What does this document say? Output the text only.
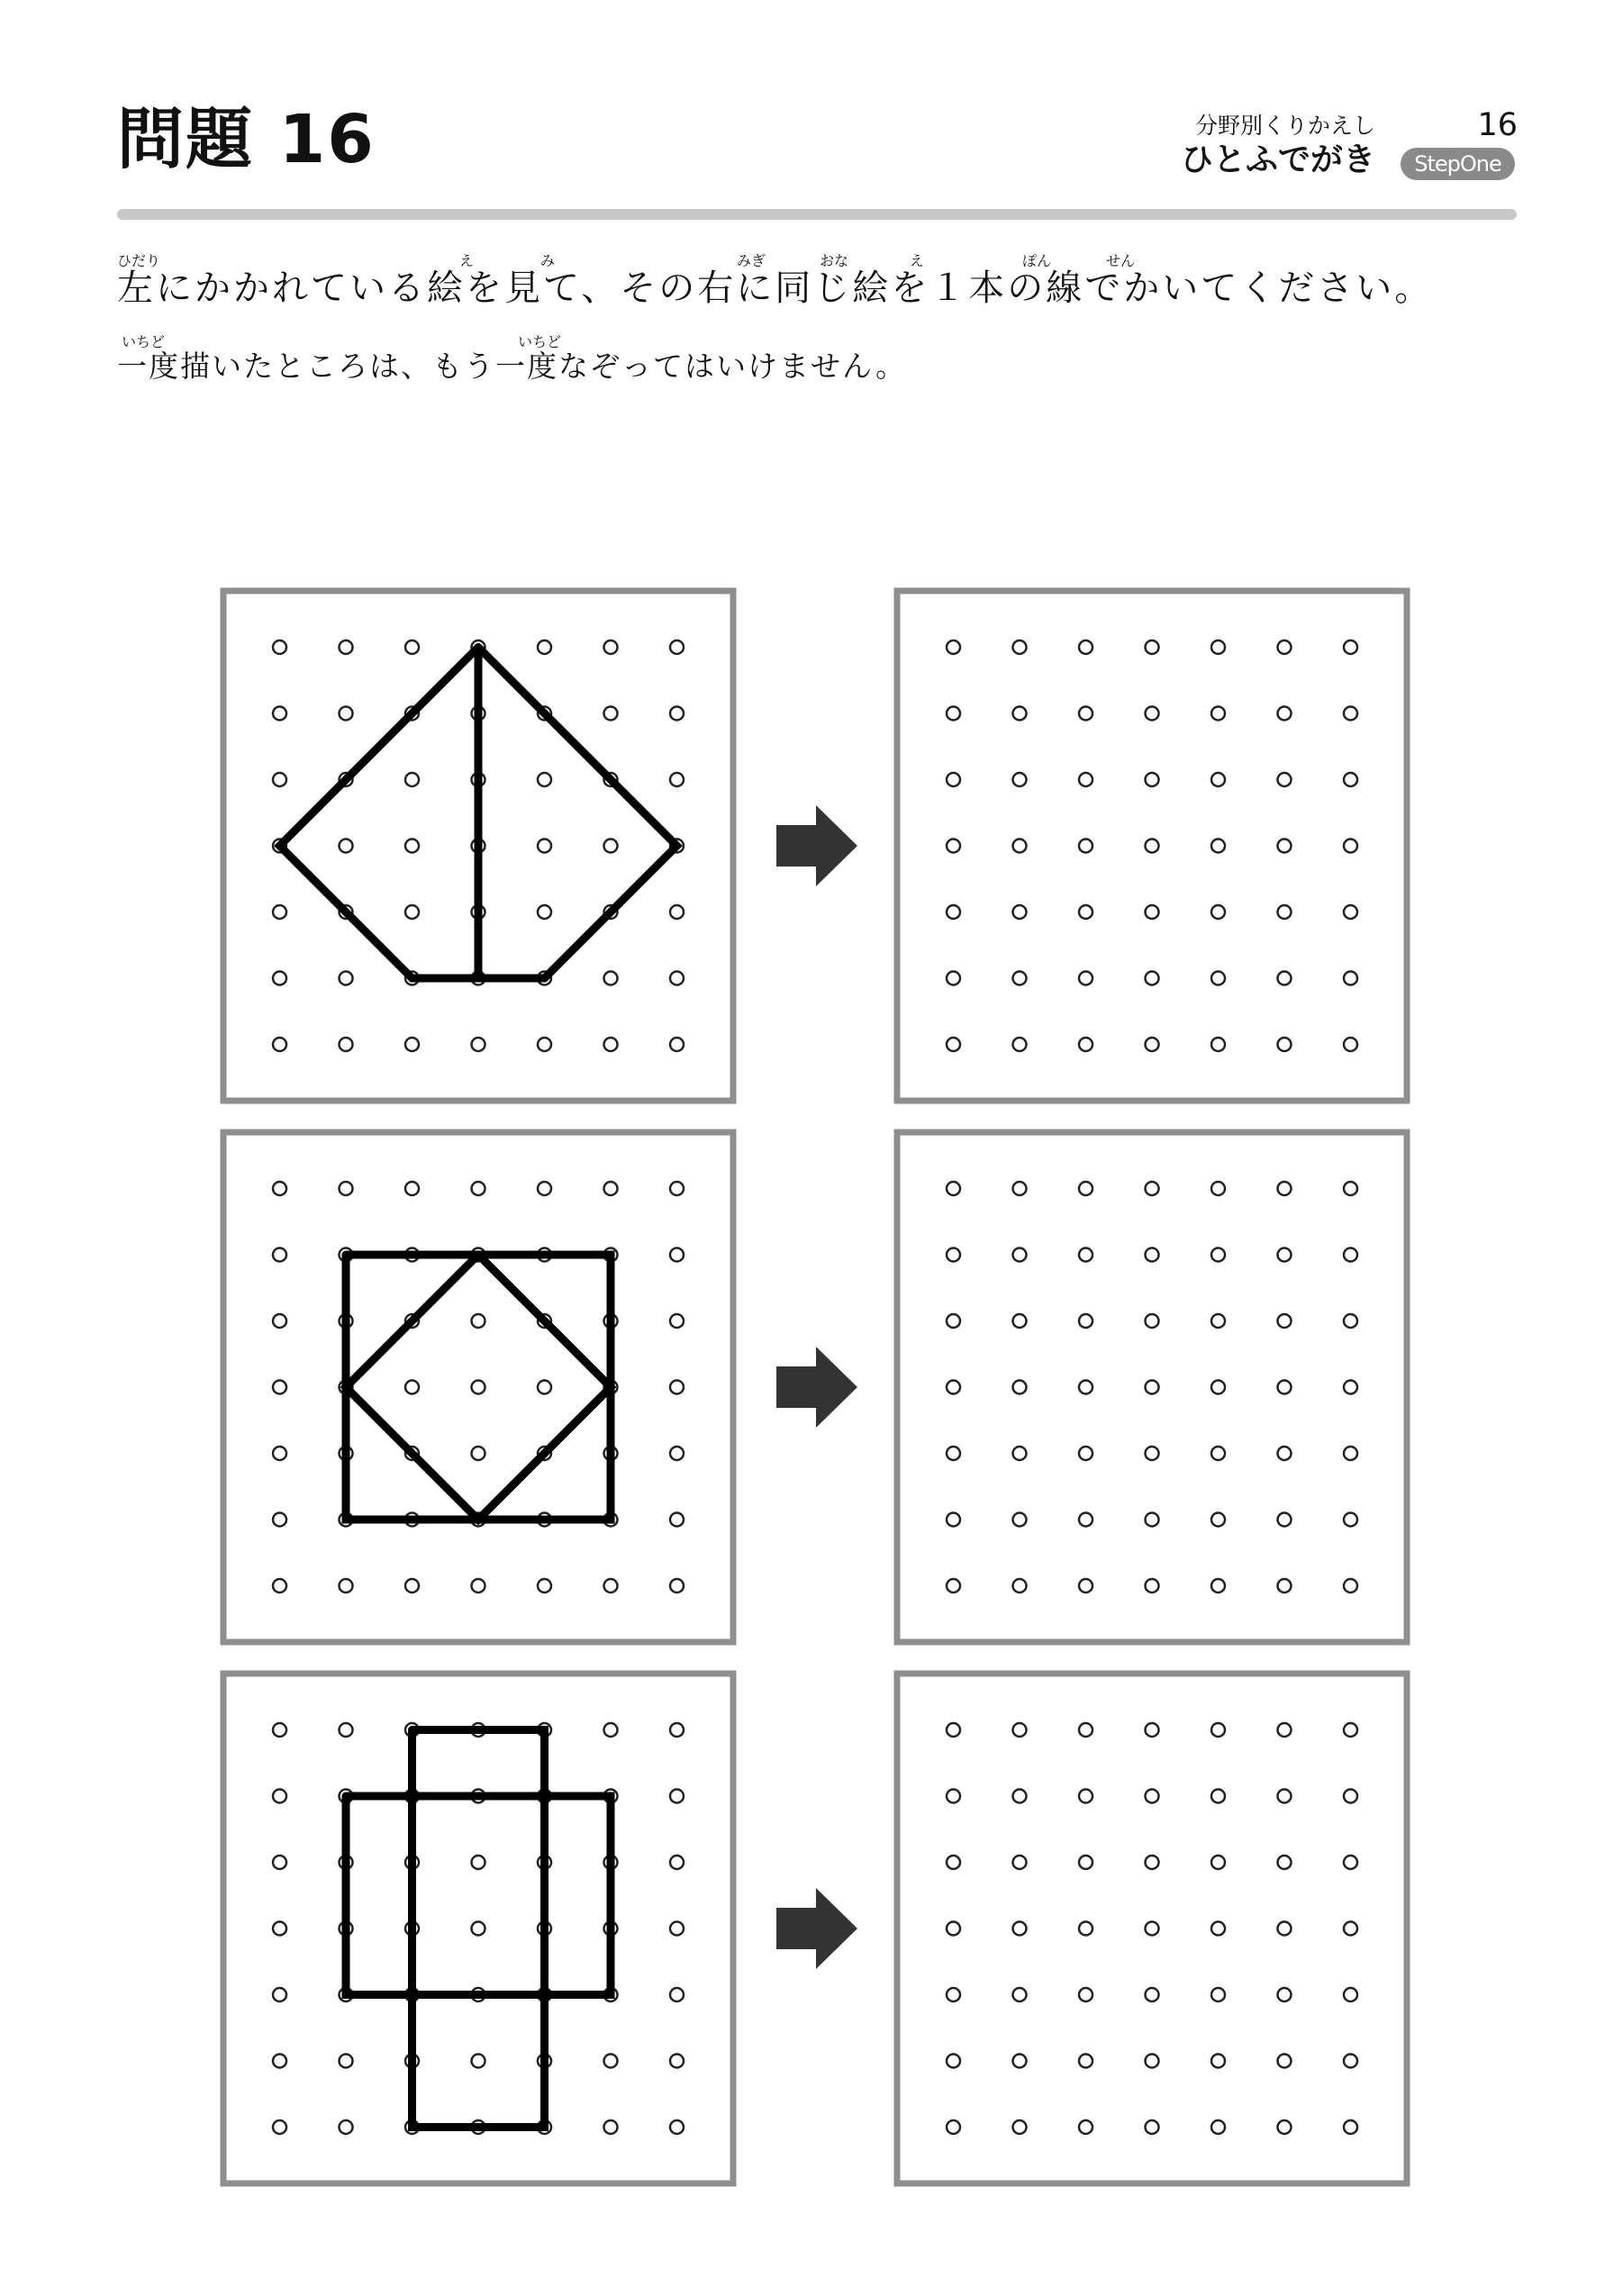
問題 16	分野別くりかえし	16
ひとふでがき	StepOne
ひだり	え	み	みぎ	おな	え	ぽん	せん
いちど	いちど
左にかかれている絵を見て、その右に同じ絵を１本の線でかいてください。
一度描いたところは、もう一度なぞってはいけません。
